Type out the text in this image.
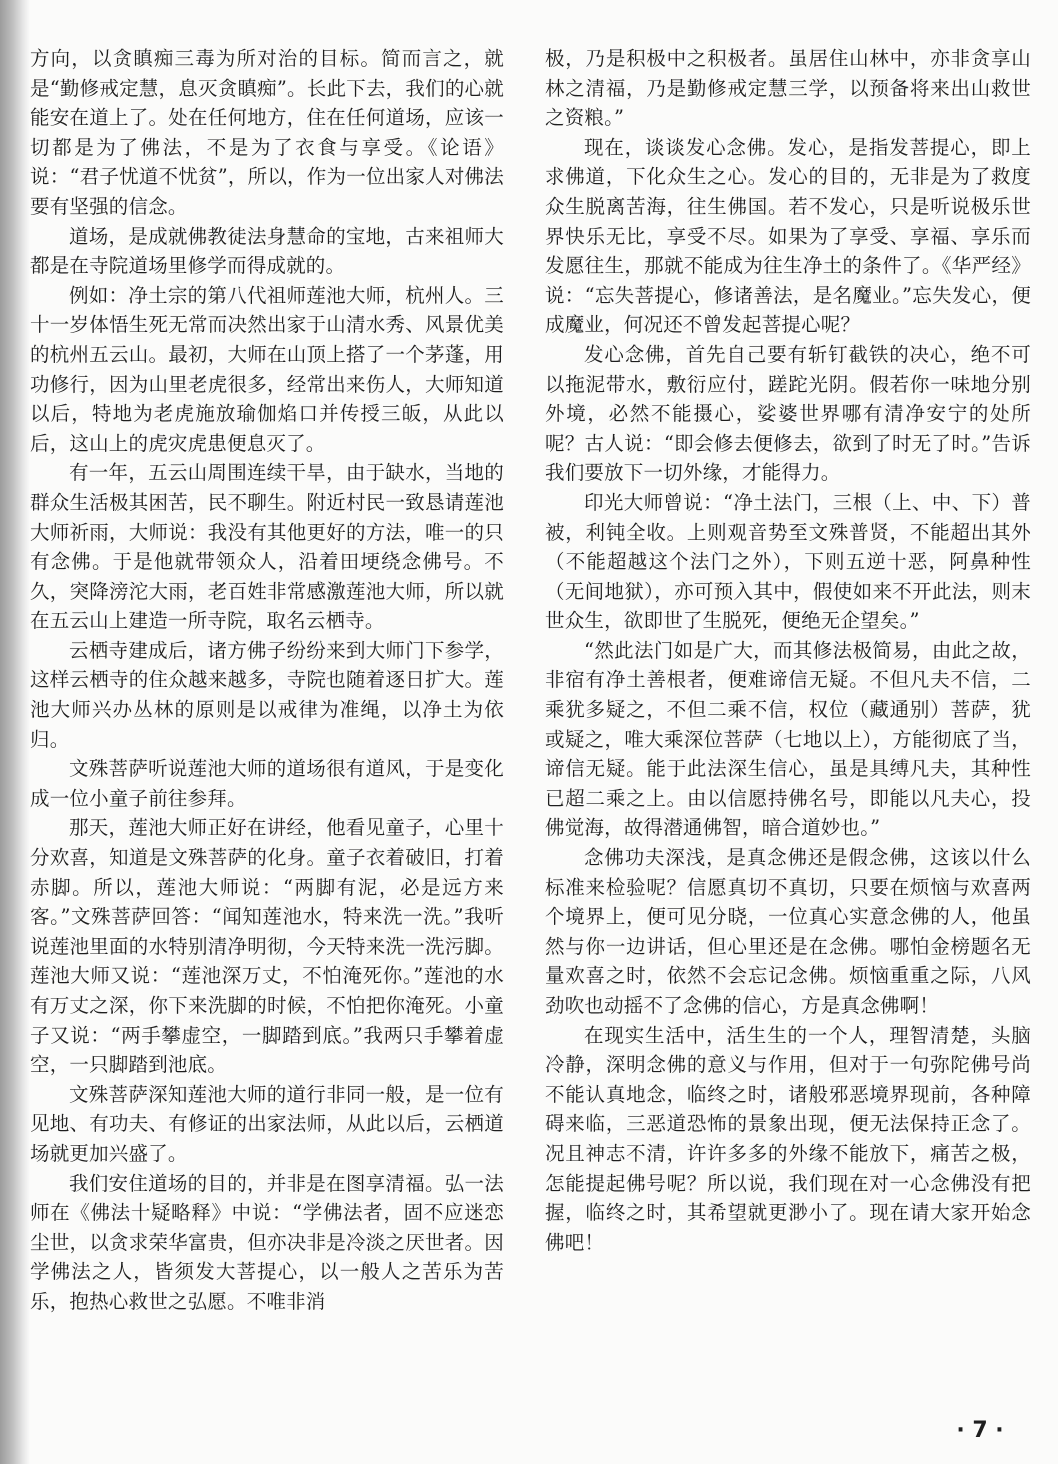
方向，以贪瞋痴三毒为所对治的目标。简而言之，就是“勤修戒定慧，息灭贪瞋痴”。长此下去，我们的心就能安在道上了。处在任何地方，住在任何道场，应该一切都是为了佛法，不是为了衣食与享受。《论语》说：“君子忧道不忧贫”，所以，作为一位出家人对佛法要有坚强的信念。

道场，是成就佛教徒法身慧命的宝地，古来祖师大都是在寺院道场里修学而得成就的。

例如：净土宗的第八代祖师莲池大师，杭州人。三十一岁体悟生死无常而决然出家于山清水秀、风景优美的杭州五云山。最初，大师在山顶上搭了一个茅蓬，用功修行，因为山里老虎很多，经常出来伤人，大师知道以后，特地为老虎施放瑜伽焰口并传授三皈，从此以后，这山上的虎灾虎患便息灭了。

有一年，五云山周围连续干旱，由于缺水，当地的群众生活极其困苦，民不聊生。附近村民一致恳请莲池大师祈雨，大师说：我没有其他更好的方法，唯一的只有念佛。于是他就带领众人，沿着田埂绕念佛号。不久，突降滂沱大雨，老百姓非常感激莲池大师，所以就在五云山上建造一所寺院，取名云栖寺。

云栖寺建成后，诸方佛子纷纷来到大师门下参学，这样云栖寺的住众越来越多，寺院也随着逐日扩大。莲池大师兴办丛林的原则是以戒律为准绳，以净土为依归。

文殊菩萨听说莲池大师的道场很有道风，于是变化成一位小童子前往参拜。

那天，莲池大师正好在讲经，他看见童子，心里十分欢喜，知道是文殊菩萨的化身。童子衣着破旧，打着赤脚。所以，莲池大师说：“两脚有泥，必是远方来客。”文殊菩萨回答：“闻知莲池水，特来洗一洗。”我听说莲池里面的水特别清净明彻，今天特来洗一洗污脚。莲池大师又说：“莲池深万丈，不怕淹死你。”莲池的水有万丈之深，你下来洗脚的时候，不怕把你淹死。小童子又说：“两手攀虚空，一脚踏到底。”我两只手攀着虚空，一只脚踏到池底。

文殊菩萨深知莲池大师的道行非同一般，是一位有见地、有功夫、有修证的出家法师，从此以后，云栖道场就更加兴盛了。

我们安住道场的目的，并非是在图享清福。弘一法师在《佛法十疑略释》中说：“学佛法者，固不应迷恋尘世，以贪求荣华富贵，但亦决非是冷淡之厌世者。因学佛法之人，皆须发大菩提心，以一般人之苦乐为苦乐，抱热心救世之弘愿。不唯非消

极，乃是积极中之积极者。虽居住山林中，亦非贪享山林之清福，乃是勤修戒定慧三学，以预备将来出山救世之资粮。”

现在，谈谈发心念佛。发心，是指发菩提心，即上求佛道，下化众生之心。发心的目的，无非是为了救度众生脱离苦海，往生佛国。若不发心，只是听说极乐世界快乐无比，享受不尽。如果为了享受、享福、享乐而发愿往生，那就不能成为往生净土的条件了。《华严经》说：“忘失菩提心，修诸善法，是名魔业。”忘失发心，便成魔业，何况还不曾发起菩提心呢？

发心念佛，首先自己要有斩钉截铁的决心，绝不可以拖泥带水，敷衍应付，蹉跎光阴。假若你一味地分别外境，必然不能摄心，娑婆世界哪有清净安宁的处所呢？古人说：“即会修去便修去，欲到了时无了时。”告诉我们要放下一切外缘，才能得力。

印光大师曾说：“净土法门，三根（上、中、下）普被，利钝全收。上则观音势至文殊普贤，不能超出其外（不能超越这个法门之外），下则五逆十恶，阿鼻种性（无间地狱），亦可预入其中，假使如来不开此法，则末世众生，欲即世了生脱死，便绝无企望矣。”

“然此法门如是广大，而其修法极简易，由此之故，非宿有净土善根者，便难谛信无疑。不但凡夫不信，二乘犹多疑之，不但二乘不信，权位（藏通别）菩萨，犹或疑之，唯大乘深位菩萨（七地以上），方能彻底了当，谛信无疑。能于此法深生信心，虽是具缚凡夫，其种性已超二乘之上。由以信愿持佛名号，即能以凡夫心，投佛觉海，故得潜通佛智，暗合道妙也。”

念佛功夫深浅，是真念佛还是假念佛，这该以什么标准来检验呢？信愿真切不真切，只要在烦恼与欢喜两个境界上，便可见分晓，一位真心实意念佛的人，他虽然与你一边讲话，但心里还是在念佛。哪怕金榜题名无量欢喜之时，依然不会忘记念佛。烦恼重重之际，八风劲吹也动摇不了念佛的信心，方是真念佛啊！

在现实生活中，活生生的一个人，理智清楚，头脑冷静，深明念佛的意义与作用，但对于一句弥陀佛号尚不能认真地念，临终之时，诸般邪恶境界现前，各种障碍来临，三恶道恐怖的景象出现，便无法保持正念了。况且神志不清，许许多多的外缘不能放下，痛苦之极，怎能提起佛号呢？所以说，我们现在对一心念佛没有把握，临终之时，其希望就更渺小了。现在请大家开始念佛吧！

· 7 ·
